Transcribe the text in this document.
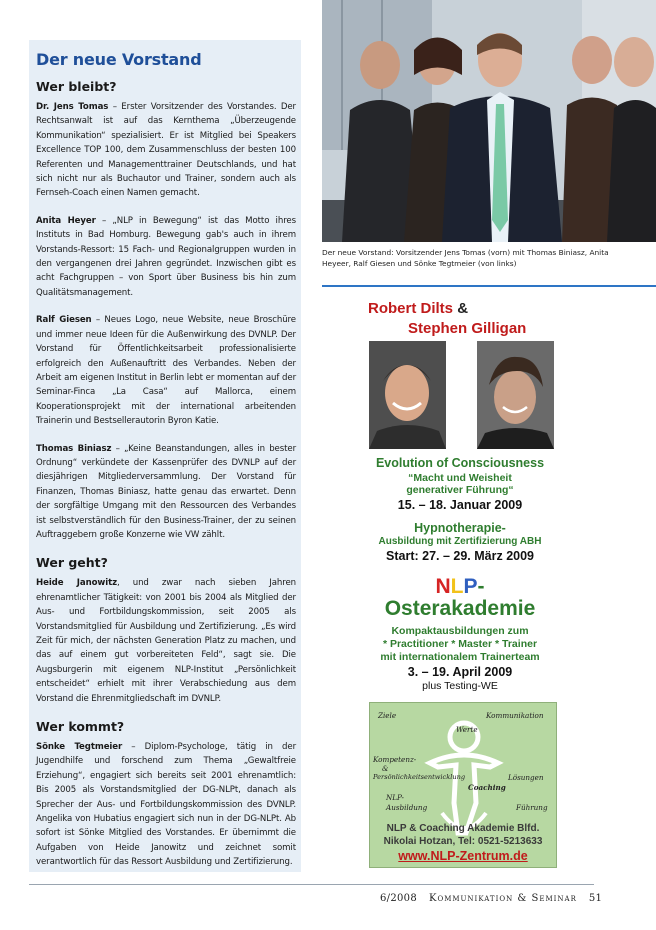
Der neue Vorstand
Wer bleibt?

Dr. Jens Tomas – Erster Vorsitzender des Vorstandes. Der Rechtsanwalt ist auf das Kernthema „Überzeugende Kommunikation“ spezialisiert. Er ist Mitglied bei Speakers Excellence TOP 100, dem Zusammenschluss der besten 100 Referenten und Managementtrainer Deutschlands, und hat sich nicht nur als Buchautor und Trainer, sondern auch als Fernseh-Coach einen Namen gemacht.

Anita Heyer – „NLP in Bewegung“ ist das Motto ihres Instituts in Bad Homburg. Bewegung gab's auch in ihrem Vorstands-Ressort: 15 Fach- und Regionalgruppen wurden in den vergangenen drei Jahren gegründet. Inzwischen gibt es acht Fachgruppen – von Sport über Business bis hin zum Qualitätsmanagement.

Ralf Giesen – Neues Logo, neue Website, neue Broschüre und immer neue Ideen für die Außenwirkung des DVNLP. Der Vorstand für Öffentlichkeitsarbeit professionalisierte erfolgreich den Außenauftritt des Verbandes. Neben der Arbeit am eigenen Institut in Berlin lebt er momentan auf der Seminar-Finca „La Casa“ auf Mallorca, einem Kooperationsprojekt mit der international arbeitenden Trainerin und Bestsellerautorin Byron Katie.

Thomas Biniasz – „Keine Beanstandungen, alles in bester Ordnung“ verkündete der Kassenprüfer des DVNLP auf der diesjährigen Mitgliederversammlung. Der Vorstand für Finanzen, Thomas Biniasz, hatte genau das erwartet. Denn der sorgfältige Umgang mit den Ressourcen des Verbandes ist selbstverständlich für den Business-Trainer, der zu seinen Auftraggebern große Konzerne wie VW zählt.

Wer geht?

Heide Janowitz, und zwar nach sieben Jahren ehrenamtlicher Tätigkeit: von 2001 bis 2004 als Mitglied der Aus- und Fortbildungskommission, seit 2005 als Vorstandsmitglied für Ausbildung und Zertifizierung. „Es wird Zeit für mich, der nächsten Generation Platz zu machen, und das auf einem gut vorbereiteten Feld“, sagt sie. Die Augsburgerin mit eigenem NLP-Institut „Persönlichkeit entscheidet“ erhielt mit ihrer Verabschiedung aus dem Vorstand die Ehrenmitgliedschaft im DVNLP.

Wer kommt?

Sönke Tegtmeier – Diplom-Psychologe, tätig in der Jugendhilfe und forschend zum Thema „Gewaltfreie Erziehung“, engagiert sich bereits seit 2001 ehrenamtlich: Bis 2005 als Vorstandsmitglied der DG-NLPt, danach als Sprecher der Aus- und Fortbildungskommission des DVNLP. Angelika von Hubatius engagiert sich nun in der DG-NLPt. Ab sofort ist Sönke Mitglied des Vorstandes. Er übernimmt die Aufgaben von Heide Janowitz und zeichnet somit verantwortlich für das Ressort Ausbildung und Zertifizierung.

Der neue Vorstand: Vorsitzender Jens Tomas (vorn) mit Thomas Biniasz, Anita Heyeer, Ralf Giesen und Sönke Tegtmeier (von links)
Robert Dilts &
Stephen Gilligan
Evolution of Consciousness
“Macht und Weisheit
generativer Führung“
15. – 18. Januar 2009
Hypnotherapie-
Ausbildung mit Zertifizierung ABH
Start: 27. – 29. März 2009
NLP-
Osterakademie
Kompaktausbildungen zum
* Practitioner * Master * Trainer
mit internationalem Trainerteam
3. – 19. April 2009
plus Testing-WE
Ziele	Kommunikation
Werte
Kompetenz-
&
Persönlichkeitsentwicklung	Lösungen
Coaching
NLP-
Ausbildung	Führung
NLP & Coaching Akademie Blfd.
Nikolai Hotzan, Tel: 0521-5213633
www.NLP-Zentrum.de
6/2008 Kommunikation & Seminar 51
